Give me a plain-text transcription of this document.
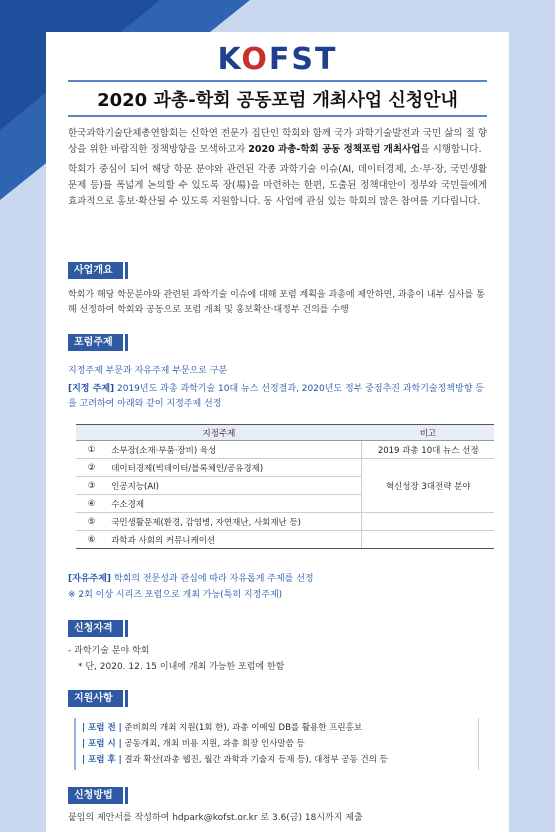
KOFST
2020 과총-학회 공동포럼 개최사업 신청안내

한국과학기술단체총연합회는 신학연 전문가 집단인 학회와 함께 국가 과학기술발전과 국민 삶의 질 향상을 위한 바람직한 정책방향을 모색하고자 2020 과총-학회 공동 정책포럼 개최사업을 시행합니다.

학회가 중심이 되어 해당 학문 분야와 관련된 각종 과학기술 이슈(AI, 데이터경제, 소·부·장, 국민생활문제 등)를 폭넓게 논의할 수 있도록 장(場)을 마련하는 한편, 도출된 정책대안이 정부와 국민들에게 효과적으로 홍보·확산될 수 있도록 지원합니다. 동 사업에 관심 있는 학회의 많은 참여를 기다립니다.

사업개요
학회가 해당 학문분야와 관련된 과학기술 이슈에 대해 포럼 계획을 과총에 제안하면, 과총이 내부 심사를 통해 선정하여 학회와 공동으로 포럼 개최 및 홍보확산·대정부 건의를 수행
포럼주제
지정주제 부문과 자유주제 부문으로 구분
[지정 주제] 2019년도 과총 과학기술 10대 뉴스 선정결과, 2020년도 정부 중점추진 과학기술정책방향 등을 고려하여 아래와 같이 지정주제 선정
지정주제		비고
①	소부장(소재·부품·장비) 육성	2019 과총 10대 뉴스 선정
②	데이터경제(빅데이터/블록체인/공유경제)	혁신성장 3대전략 분야
③	인공지능(AI)	
④	수소경제	
⑤	국민생활문제(환경, 감염병, 자연재난, 사회재난 등)	
⑥	과학과 사회의 커뮤니케이션	
[자유주제] 학회의 전문성과 관심에 따라 자유롭게 주제를 선정
※ 2회 이상 시리즈 포럼으로 개최 가능(특히 지정주제)
신청자격
- 과학기술 분야 학회
* 단, 2020. 12. 15 이내에 개최 가능한 포럼에 한함
지원사항
| 포럼 전 | 준비회의 개최 지원(1회 한), 과총 이메일 DB를 활용한 프린홍보
| 포럼 시 | 공동개최, 개최 비용 지원, 과총 회장 인사말씀 등
| 포럼 후 | 결과 확산(과총 웹진, 월간 과학과 기술지 등재 등), 대정부 공동 건의 등
신청방법
붙임의 제안서를 작성하여 hdpark@kofst.or.kr 로 3.6(금) 18시까지 제출
